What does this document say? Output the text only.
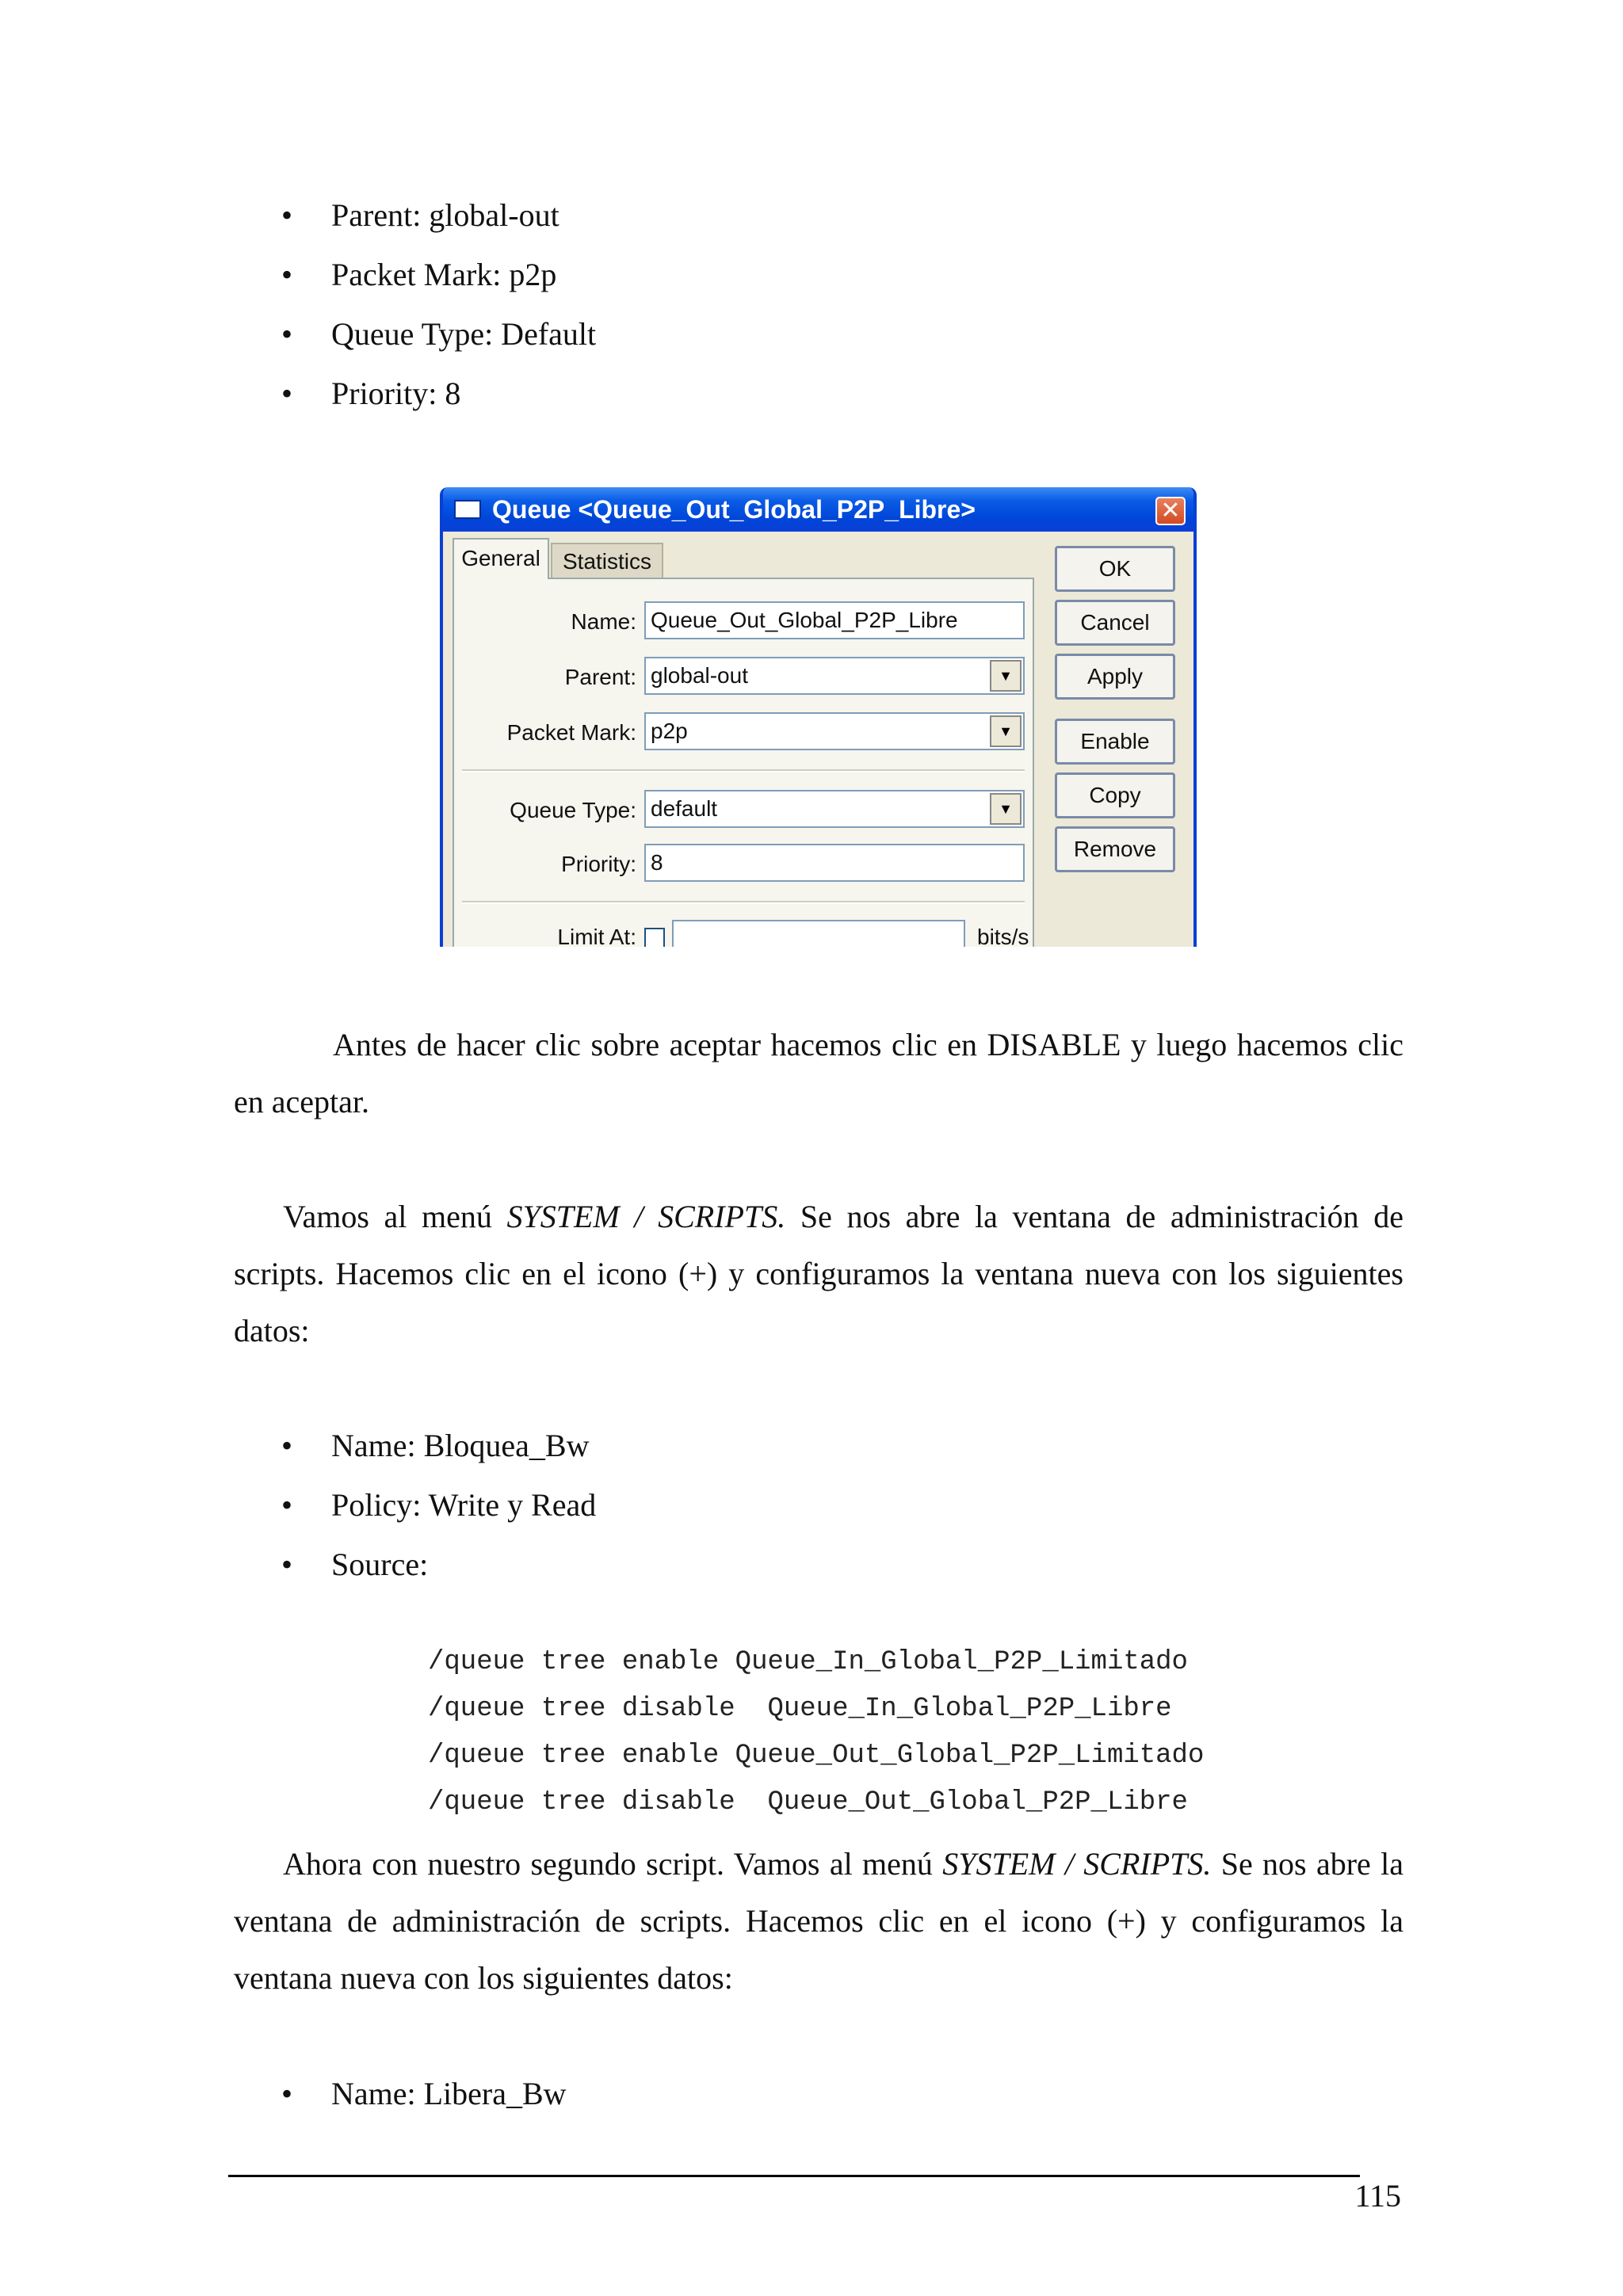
• Parent: global-out
• Packet Mark: p2p
• Queue Type: Default
• Priority: 8
Queue <Queue_Out_Global_P2P_Libre>	✕
Statistics
General
Name: Queue_Out_Global_P2P_Libre
Parent: global-out	▼
Packet Mark: p2p	▼
Queue Type: default	▼
Priority: 8
Limit At:	bits/s
OK
Cancel
Apply
Enable
Copy
Remove
Antes de hacer clic sobre aceptar hacemos clic en DISABLE y luego hacemos clic en aceptar.
Vamos al menú SYSTEM / SCRIPTS. Se nos abre la ventana de administración de scripts. Hacemos clic en el icono (+) y configuramos la ventana nueva con los siguientes datos:
• Name: Bloquea_Bw
• Policy: Write y Read
• Source:

/queue tree enable Queue_In_Global_P2P_Limitado
/queue tree disable  Queue_In_Global_P2P_Libre
/queue tree enable Queue_Out_Global_P2P_Limitado
/queue tree disable  Queue_Out_Global_P2P_Libre

Ahora con nuestro segundo script. Vamos al menú SYSTEM / SCRIPTS. Se nos abre la ventana de administración de scripts. Hacemos clic en el icono (+) y configuramos la ventana nueva con los siguientes datos:
• Name: Libera_Bw
115
